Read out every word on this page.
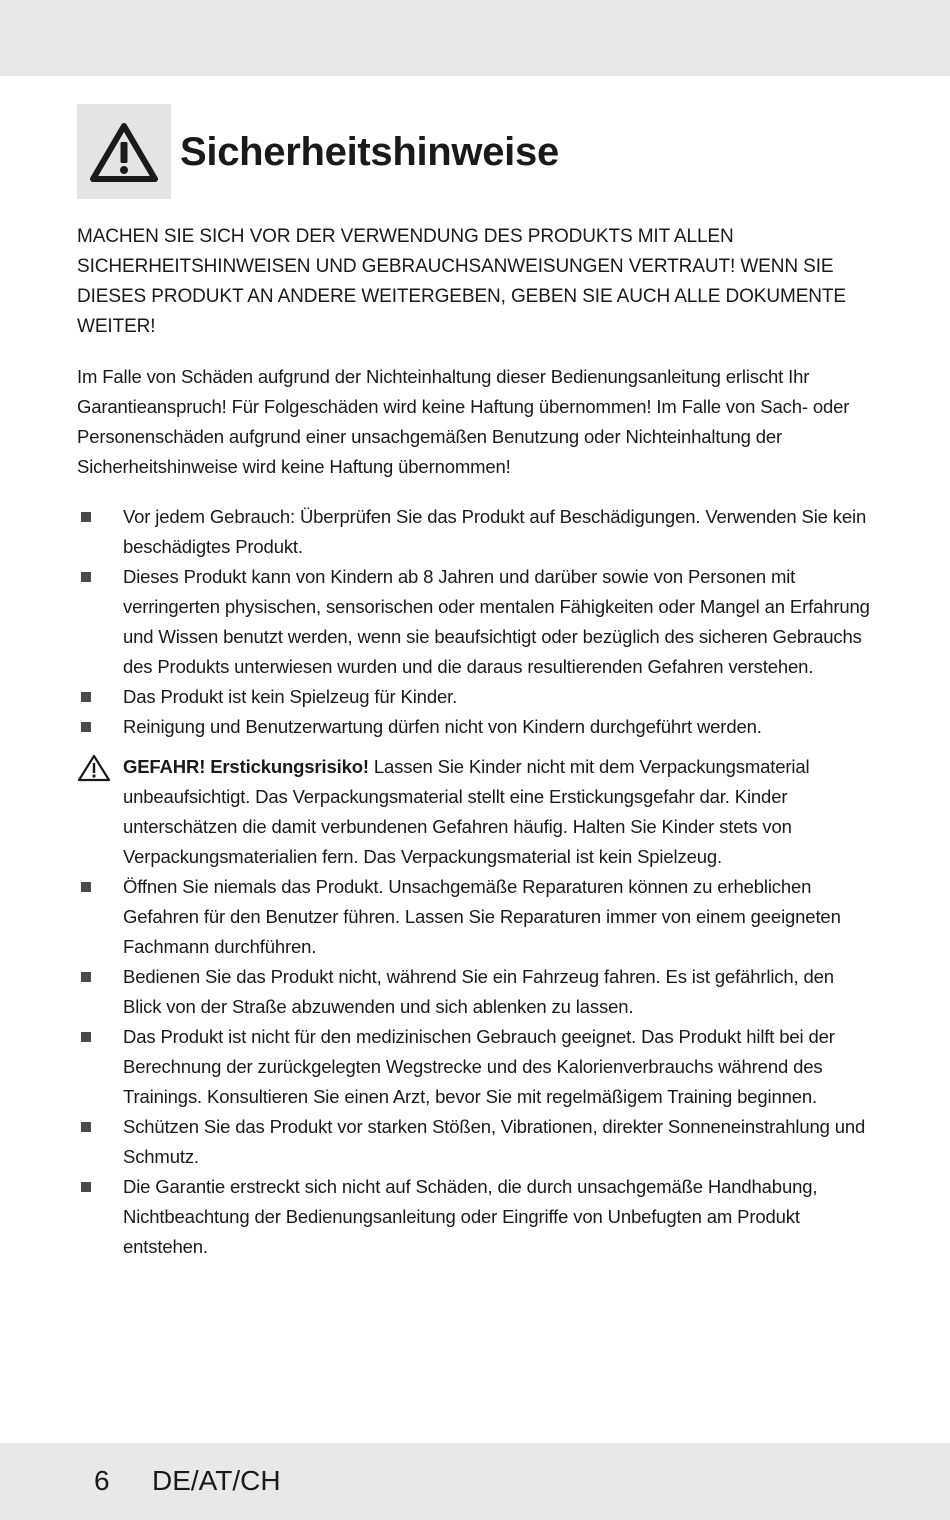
Sicherheitshinweise

MACHEN SIE SICH VOR DER VERWENDUNG DES PRODUKTS MIT ALLEN SICHERHEITSHINWEISEN UND GEBRAUCHSANWEISUNGEN VERTRAUT! WENN SIE DIESES PRODUKT AN ANDERE WEITERGEBEN, GEBEN SIE AUCH ALLE DOKUMENTE WEITER!

Im Falle von Schäden aufgrund der Nichteinhaltung dieser Bedienungsanleitung erlischt Ihr Garantieanspruch! Für Folgeschäden wird keine Haftung übernommen! Im Falle von Sach- oder Personenschäden aufgrund einer unsachgemäßen Benutzung oder Nichteinhaltung der Sicherheitshinweise wird keine Haftung übernommen!

Vor jedem Gebrauch: Überprüfen Sie das Produkt auf Beschädigungen. Verwenden Sie kein beschädigtes Produkt.
Dieses Produkt kann von Kindern ab 8 Jahren und darüber sowie von Personen mit verringerten physischen, sensorischen oder mentalen Fähigkeiten oder Mangel an Erfahrung und Wissen benutzt werden, wenn sie beaufsichtigt oder bezüglich des sicheren Gebrauchs des Produkts unterwiesen wurden und die daraus resultierenden Gefahren verstehen.
Das Produkt ist kein Spielzeug für Kinder.
Reinigung und Benutzerwartung dürfen nicht von Kindern durchgeführt werden.
GEFAHR! Erstickungsrisiko! Lassen Sie Kinder nicht mit dem Verpackungsmaterial unbeaufsichtigt. Das Verpackungsmaterial stellt eine Erstickungsgefahr dar. Kinder unterschätzen die damit verbundenen Gefahren häufig. Halten Sie Kinder stets von Verpackungsmaterialien fern. Das Verpackungsmaterial ist kein Spielzeug.
Öffnen Sie niemals das Produkt. Unsachgemäße Reparaturen können zu erheblichen Gefahren für den Benutzer führen. Lassen Sie Reparaturen immer von einem geeigneten Fachmann durchführen.
Bedienen Sie das Produkt nicht, während Sie ein Fahrzeug fahren. Es ist gefährlich, den Blick von der Straße abzuwenden und sich ablenken zu lassen.
Das Produkt ist nicht für den medizinischen Gebrauch geeignet. Das Produkt hilft bei der Berechnung der zurückgelegten Wegstrecke und des Kalorienverbrauchs während des Trainings. Konsultieren Sie einen Arzt, bevor Sie mit regelmäßigem Training beginnen.
Schützen Sie das Produkt vor starken Stößen, Vibrationen, direkter Sonneneinstrahlung und Schmutz.
Die Garantie erstreckt sich nicht auf Schäden, die durch unsachgemäße Handhabung, Nichtbeachtung der Bedienungsanleitung oder Eingriffe von Unbefugten am Produkt entstehen.
6 DE/AT/CH
